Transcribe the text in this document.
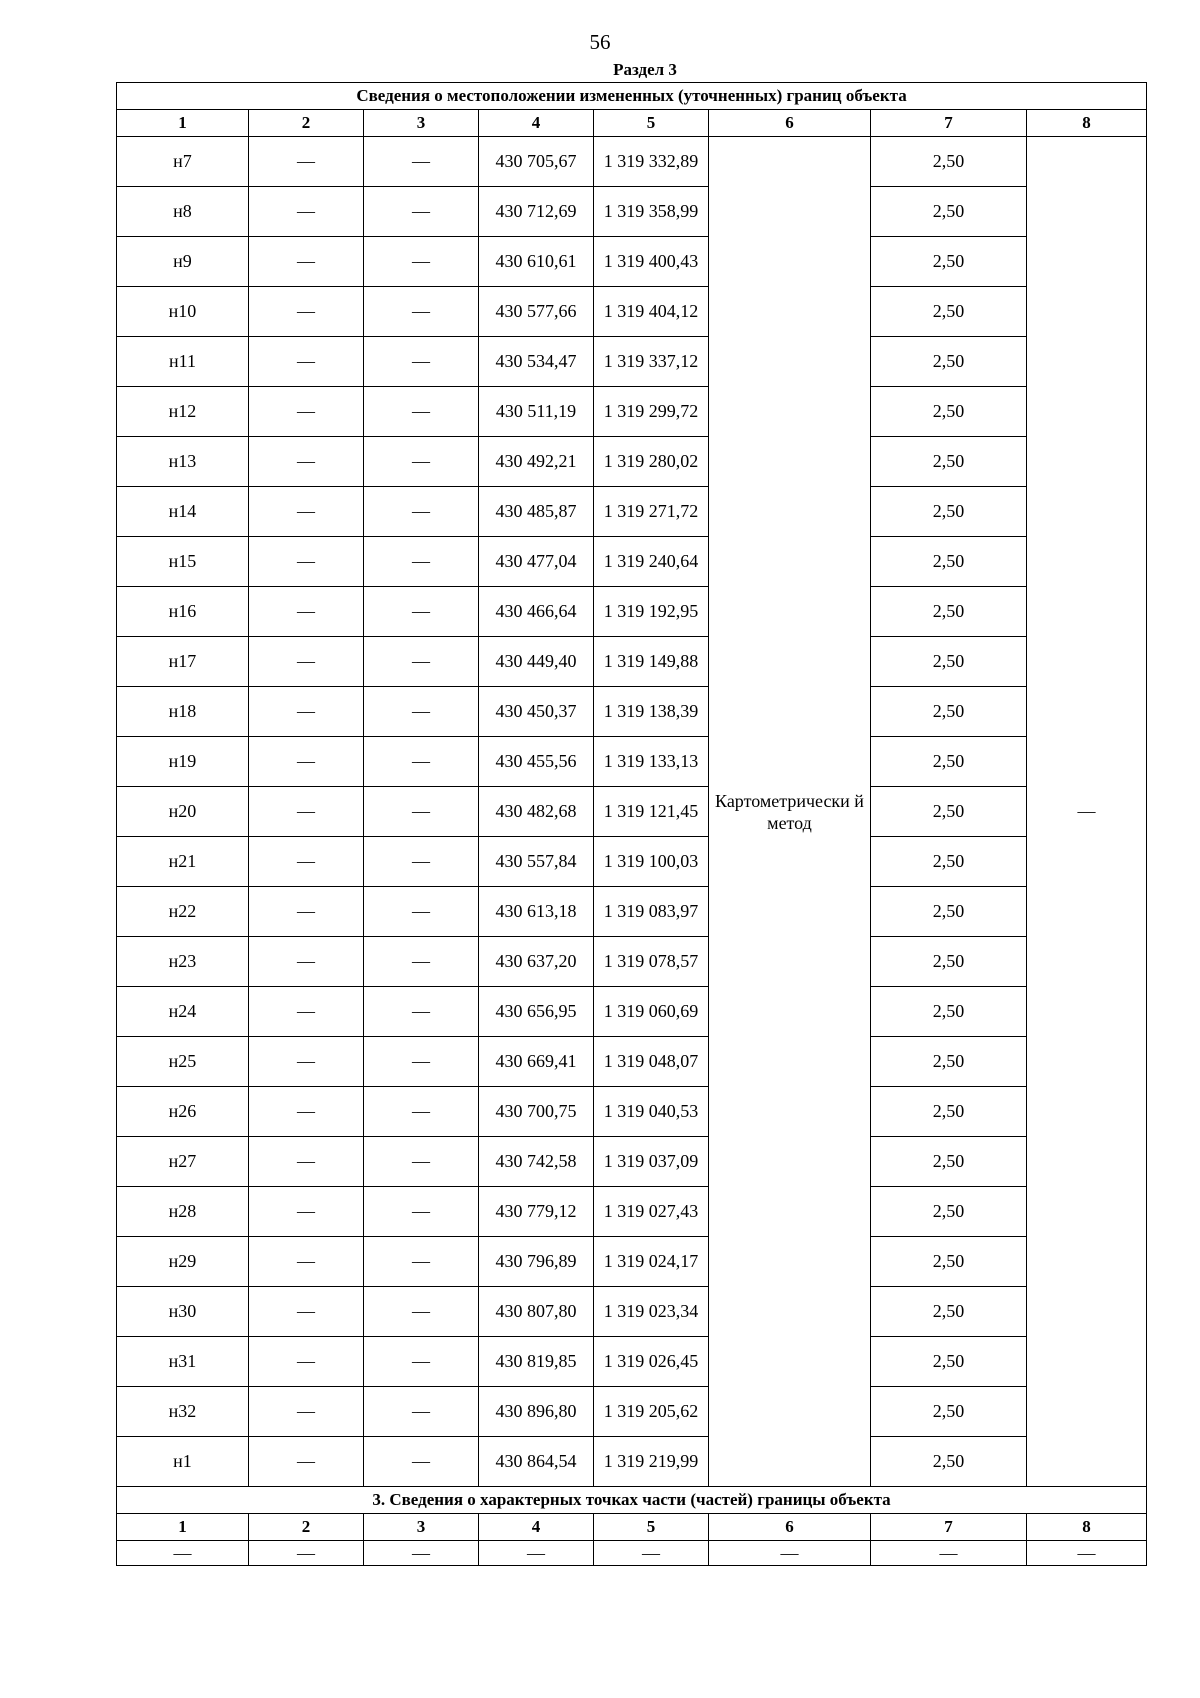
56
Раздел 3
Сведения о местоположении измененных (уточненных) границ объекта							
1	2	3	4	5	6	7	8
н7	—	—	430 705,67	1 319 332,89	Картометрически й метод	2,50	—
н8	—	—	430 712,69	1 319 358,99		2,50	
н9	—	—	430 610,61	1 319 400,43		2,50	
н10	—	—	430 577,66	1 319 404,12		2,50	
н11	—	—	430 534,47	1 319 337,12		2,50	
н12	—	—	430 511,19	1 319 299,72		2,50	
н13	—	—	430 492,21	1 319 280,02		2,50	
н14	—	—	430 485,87	1 319 271,72		2,50	
н15	—	—	430 477,04	1 319 240,64		2,50	
н16	—	—	430 466,64	1 319 192,95		2,50	
н17	—	—	430 449,40	1 319 149,88		2,50	
н18	—	—	430 450,37	1 319 138,39		2,50	
н19	—	—	430 455,56	1 319 133,13		2,50	
н20	—	—	430 482,68	1 319 121,45		2,50	
н21	—	—	430 557,84	1 319 100,03		2,50	
н22	—	—	430 613,18	1 319 083,97		2,50	
н23	—	—	430 637,20	1 319 078,57		2,50	
н24	—	—	430 656,95	1 319 060,69		2,50	
н25	—	—	430 669,41	1 319 048,07		2,50	
н26	—	—	430 700,75	1 319 040,53		2,50	
н27	—	—	430 742,58	1 319 037,09		2,50	
н28	—	—	430 779,12	1 319 027,43		2,50	
н29	—	—	430 796,89	1 319 024,17		2,50	
н30	—	—	430 807,80	1 319 023,34		2,50	
н31	—	—	430 819,85	1 319 026,45		2,50	
н32	—	—	430 896,80	1 319 205,62		2,50	
н1	—	—	430 864,54	1 319 219,99		2,50	
3. Сведения о характерных точках части (частей) границы объекта							
1	2	3	4	5	6	7	8
—	—	—	—	—	—	—	—
